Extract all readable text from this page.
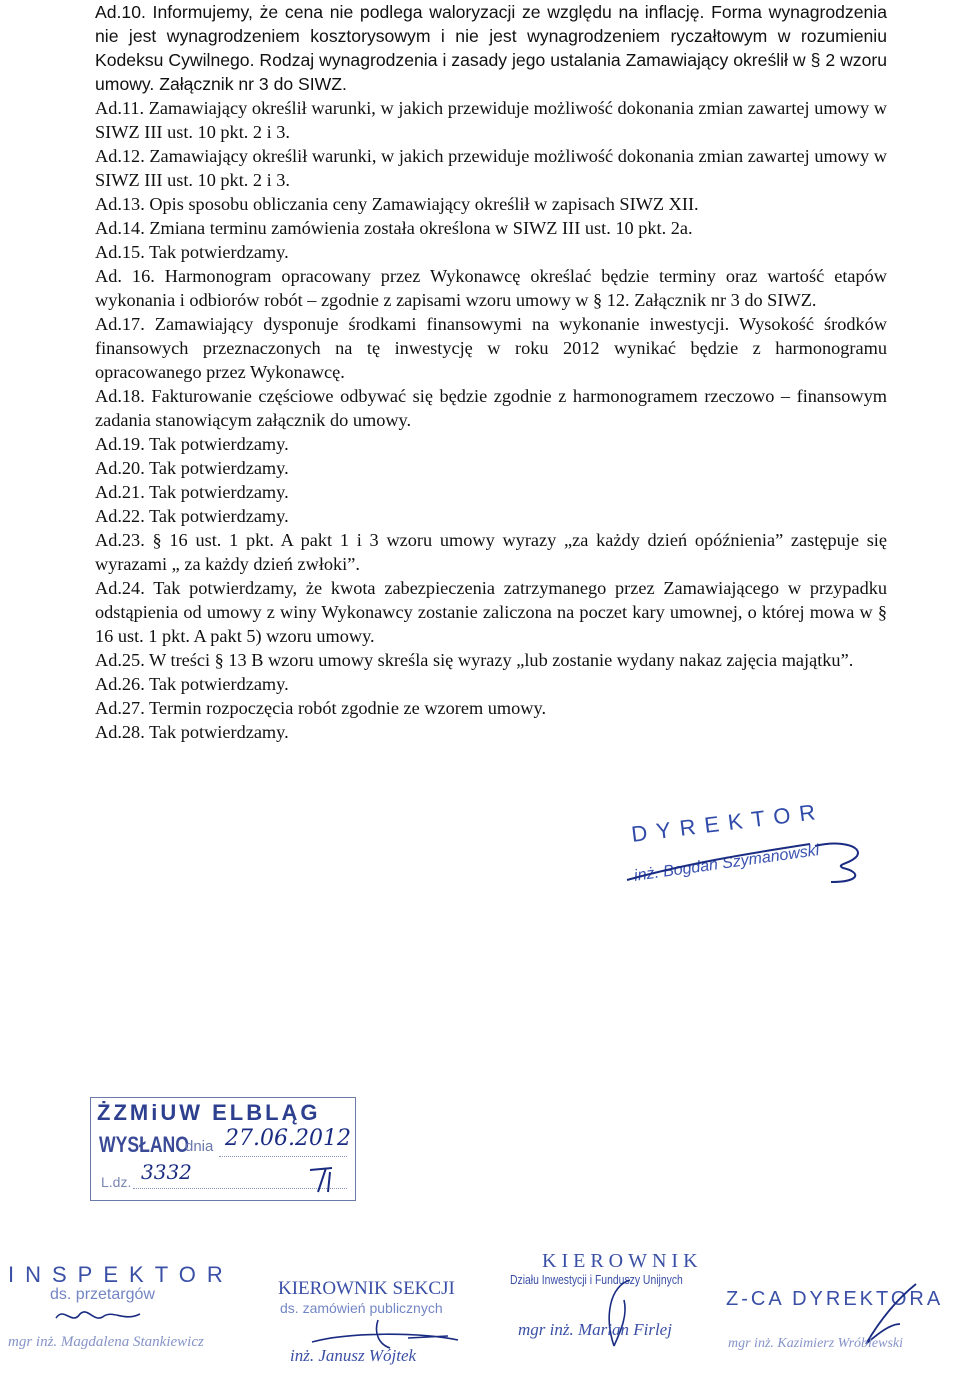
Ad.10. Informujemy, że cena nie podlega waloryzacji ze względu na inflację. Forma wynagrodzenia nie jest wynagrodzeniem kosztorysowym i nie jest wynagrodzeniem ryczałtowym w rozumieniu Kodeksu Cywilnego. Rodzaj wynagrodzenia i zasady jego ustalania Zamawiający określił w § 2 wzoru umowy. Załącznik nr 3 do SIWZ.

Ad.11. Zamawiający określił warunki, w jakich przewiduje możliwość dokonania zmian zawartej umowy w SIWZ III ust. 10 pkt. 2 i 3.

Ad.12. Zamawiający określił warunki, w jakich przewiduje możliwość dokonania zmian zawartej umowy w SIWZ III ust. 10 pkt. 2 i 3.

Ad.13. Opis sposobu obliczania ceny Zamawiający określił w zapisach SIWZ XII.

Ad.14. Zmiana terminu zamówienia została określona w SIWZ III ust. 10 pkt. 2a.

Ad.15. Tak potwierdzamy.

Ad. 16. Harmonogram opracowany przez Wykonawcę określać będzie terminy oraz wartość etapów wykonania i odbiorów robót – zgodnie z zapisami wzoru umowy w § 12. Załącznik nr 3 do SIWZ.

Ad.17. Zamawiający dysponuje środkami finansowymi na wykonanie inwestycji. Wysokość środków finansowych przeznaczonych na tę inwestycję w roku 2012 wynikać będzie z harmonogramu opracowanego przez Wykonawcę.

Ad.18. Fakturowanie częściowe odbywać się będzie zgodnie z harmonogramem rzeczowo – finansowym zadania stanowiącym załącznik do umowy.

Ad.19. Tak potwierdzamy.

Ad.20. Tak potwierdzamy.

Ad.21. Tak potwierdzamy.

Ad.22. Tak potwierdzamy.

Ad.23. § 16 ust. 1 pkt. A pakt 1 i 3 wzoru umowy wyrazy „za każdy dzień opóźnienia” zastępuje się wyrazami „ za każdy dzień zwłoki”.

Ad.24. Tak potwierdzamy, że kwota zabezpieczenia zatrzymanego przez Zamawiającego w przypadku odstąpienia od umowy z winy Wykonawcy zostanie zaliczona na poczet kary umownej, o której mowa w § 16 ust. 1 pkt. A pakt 5) wzoru umowy.

Ad.25. W treści § 13 B wzoru umowy skreśla się wyrazy „lub zostanie wydany nakaz zajęcia majątku”.

Ad.26. Tak potwierdzamy.

Ad.27. Termin rozpoczęcia robót zgodnie ze wzorem umowy.

Ad.28. Tak potwierdzamy.

DYREKTOR
inż. Bogdan Szymanowski
ŻZMiUW ELBLĄG
WYSŁANO
dnia 27.06.2012
L.dz. 3332
INSPEKTOR
ds. przetargów
mgr inż. Magdalena Stankiewicz
KIEROWNIK SEKCJI
ds. zamówień publicznych
inż. Janusz Wójtek
KIEROWNIK
Działu Inwestycji i Funduszy Unijnych
mgr inż. Marian Firlej
Z-CA DYREKTORA
mgr inż. Kazimierz Wróblewski
